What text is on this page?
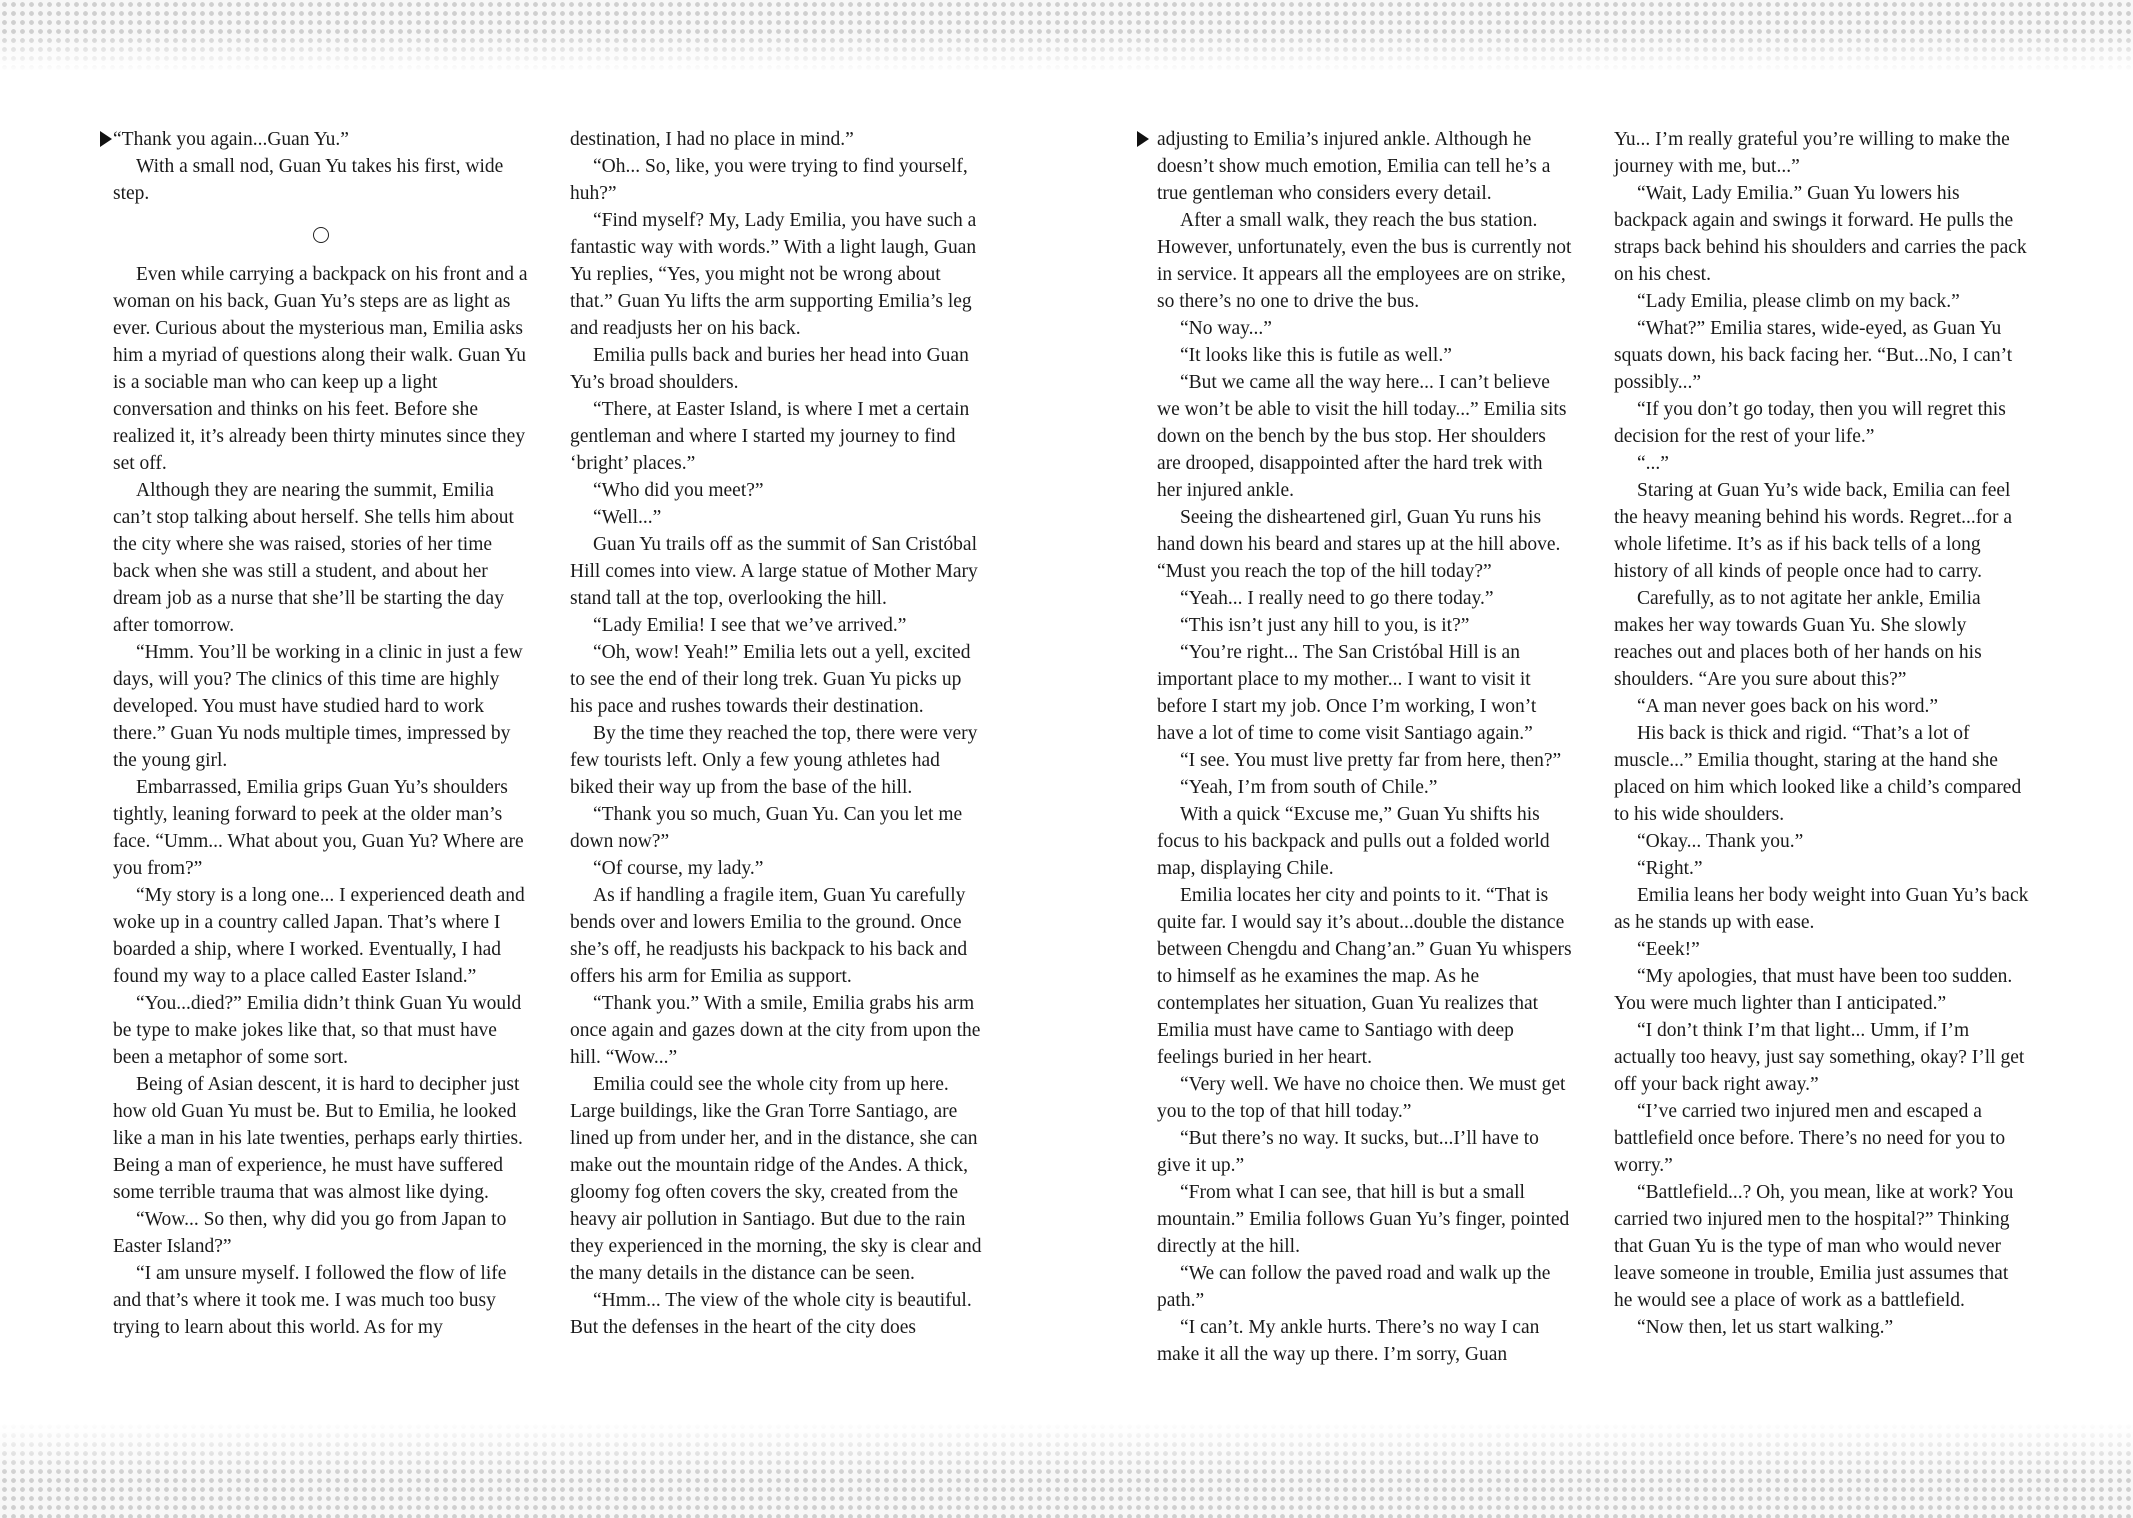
“Thank you again...Guan Yu.”

With a small nod, Guan Yu takes his first, wide step.

Even while carrying a backpack on his front and a woman on his back, Guan Yu’s steps are as light as ever. Curious about the mysterious man, Emilia asks him a myriad of questions along their walk. Guan Yu is a sociable man who can keep up a light conversation and thinks on his feet. Before she realized it, it’s already been thirty minutes since they set off.

Although they are nearing the summit, Emilia can’t stop talking about herself. She tells him about the city where she was raised, stories of her time back when she was still a student, and about her dream job as a nurse that she’ll be starting the day after tomorrow.

“Hmm. You’ll be working in a clinic in just a few days, will you? The clinics of this time are highly developed. You must have studied hard to work there.” Guan Yu nods multiple times, impressed by the young girl.

Embarrassed, Emilia grips Guan Yu’s shoulders tightly, leaning forward to peek at the older man’s face. “Umm... What about you, Guan Yu? Where are you from?”

“My story is a long one... I experienced death and woke up in a country called Japan. That’s where I boarded a ship, where I worked. Eventually, I had found my way to a place called Easter Island.”

“You...died?” Emilia didn’t think Guan Yu would be type to make jokes like that, so that must have been a metaphor of some sort.

Being of Asian descent, it is hard to decipher just how old Guan Yu must be. But to Emilia, he looked like a man in his late twenties, perhaps early thirties. Being a man of experience, he must have suffered some terrible trauma that was almost like dying.

“Wow... So then, why did you go from Japan to Easter Island?”

“I am unsure myself. I followed the flow of life and that’s where it took me. I was much too busy trying to learn about this world. As for my

destination, I had no place in mind.”

“Oh... So, like, you were trying to find yourself, huh?”

“Find myself? My, Lady Emilia, you have such a fantastic way with words.” With a light laugh, Guan Yu replies, “Yes, you might not be wrong about that.” Guan Yu lifts the arm supporting Emilia’s leg and readjusts her on his back.

Emilia pulls back and buries her head into Guan Yu’s broad shoulders.

“There, at Easter Island, is where I met a certain gentleman and where I started my journey to find ‘bright’ places.”

“Who did you meet?”

“Well...”

Guan Yu trails off as the summit of San Cristóbal Hill comes into view. A large statue of Mother Mary stand tall at the top, overlooking the hill.

“Lady Emilia! I see that we’ve arrived.”

“Oh, wow! Yeah!” Emilia lets out a yell, excited to see the end of their long trek. Guan Yu picks up his pace and rushes towards their destination.

By the time they reached the top, there were very few tourists left. Only a few young athletes had biked their way up from the base of the hill.

“Thank you so much, Guan Yu. Can you let me down now?”

“Of course, my lady.”

As if handling a fragile item, Guan Yu carefully bends over and lowers Emilia to the ground. Once she’s off, he readjusts his backpack to his back and offers his arm for Emilia as support.

“Thank you.” With a smile, Emilia grabs his arm once again and gazes down at the city from upon the hill. “Wow...”

Emilia could see the whole city from up here. Large buildings, like the Gran Torre Santiago, are lined up from under her, and in the distance, she can make out the mountain ridge of the Andes. A thick, gloomy fog often covers the sky, created from the heavy air pollution in Santiago. But due to the rain they experienced in the morning, the sky is clear and the many details in the distance can be seen.

“Hmm... The view of the whole city is beautiful. But the defenses in the heart of the city does

adjusting to Emilia’s injured ankle. Although he doesn’t show much emotion, Emilia can tell he’s a true gentleman who considers every detail.

After a small walk, they reach the bus station. However, unfortunately, even the bus is currently not in service. It appears all the employees are on strike, so there’s no one to drive the bus.

“No way...”

“It looks like this is futile as well.”

“But we came all the way here... I can’t believe we won’t be able to visit the hill today...” Emilia sits down on the bench by the bus stop. Her shoulders are drooped, disappointed after the hard trek with her injured ankle.

Seeing the disheartened girl, Guan Yu runs his hand down his beard and stares up at the hill above. “Must you reach the top of the hill today?”

“Yeah... I really need to go there today.”

“This isn’t just any hill to you, is it?”

“You’re right... The San Cristóbal Hill is an important place to my mother... I want to visit it before I start my job. Once I’m working, I won’t have a lot of time to come visit Santiago again.”

“I see. You must live pretty far from here, then?”

“Yeah, I’m from south of Chile.”

With a quick “Excuse me,” Guan Yu shifts his focus to his backpack and pulls out a folded world map, displaying Chile.

Emilia locates her city and points to it. “That is quite far. I would say it’s about...double the distance between Chengdu and Chang’an.” Guan Yu whispers to himself as he examines the map. As he contemplates her situation, Guan Yu realizes that Emilia must have came to Santiago with deep feelings buried in her heart.

“Very well. We have no choice then. We must get you to the top of that hill today.”

“But there’s no way. It sucks, but...I’ll have to give it up.”

“From what I can see, that hill is but a small mountain.” Emilia follows Guan Yu’s finger, pointed directly at the hill.

“We can follow the paved road and walk up the path.”

“I can’t. My ankle hurts. There’s no way I can make it all the way up there. I’m sorry, Guan

Yu... I’m really grateful you’re willing to make the journey with me, but...”

“Wait, Lady Emilia.” Guan Yu lowers his backpack again and swings it forward. He pulls the straps back behind his shoulders and carries the pack on his chest.

“Lady Emilia, please climb on my back.”

“What?” Emilia stares, wide-eyed, as Guan Yu squats down, his back facing her. “But...No, I can’t possibly...”

“If you don’t go today, then you will regret this decision for the rest of your life.”

“...”

Staring at Guan Yu’s wide back, Emilia can feel the heavy meaning behind his words. Regret...for a whole lifetime. It’s as if his back tells of a long history of all kinds of people once had to carry.

Carefully, as to not agitate her ankle, Emilia makes her way towards Guan Yu. She slowly reaches out and places both of her hands on his shoulders. “Are you sure about this?”

“A man never goes back on his word.”

His back is thick and rigid. “That’s a lot of muscle...” Emilia thought, staring at the hand she placed on him which looked like a child’s compared to his wide shoulders.

“Okay... Thank you.”

“Right.”

Emilia leans her body weight into Guan Yu’s back as he stands up with ease.

“Eeek!”

“My apologies, that must have been too sudden. You were much lighter than I anticipated.”

“I don’t think I’m that light... Umm, if I’m actually too heavy, just say something, okay? I’ll get off your back right away.”

“I’ve carried two injured men and escaped a battlefield once before. There’s no need for you to worry.”

“Battlefield...? Oh, you mean, like at work? You carried two injured men to the hospital?” Thinking that Guan Yu is the type of man who would never leave someone in trouble, Emilia just assumes that he would see a place of work as a battlefield.

“Now then, let us start walking.”
